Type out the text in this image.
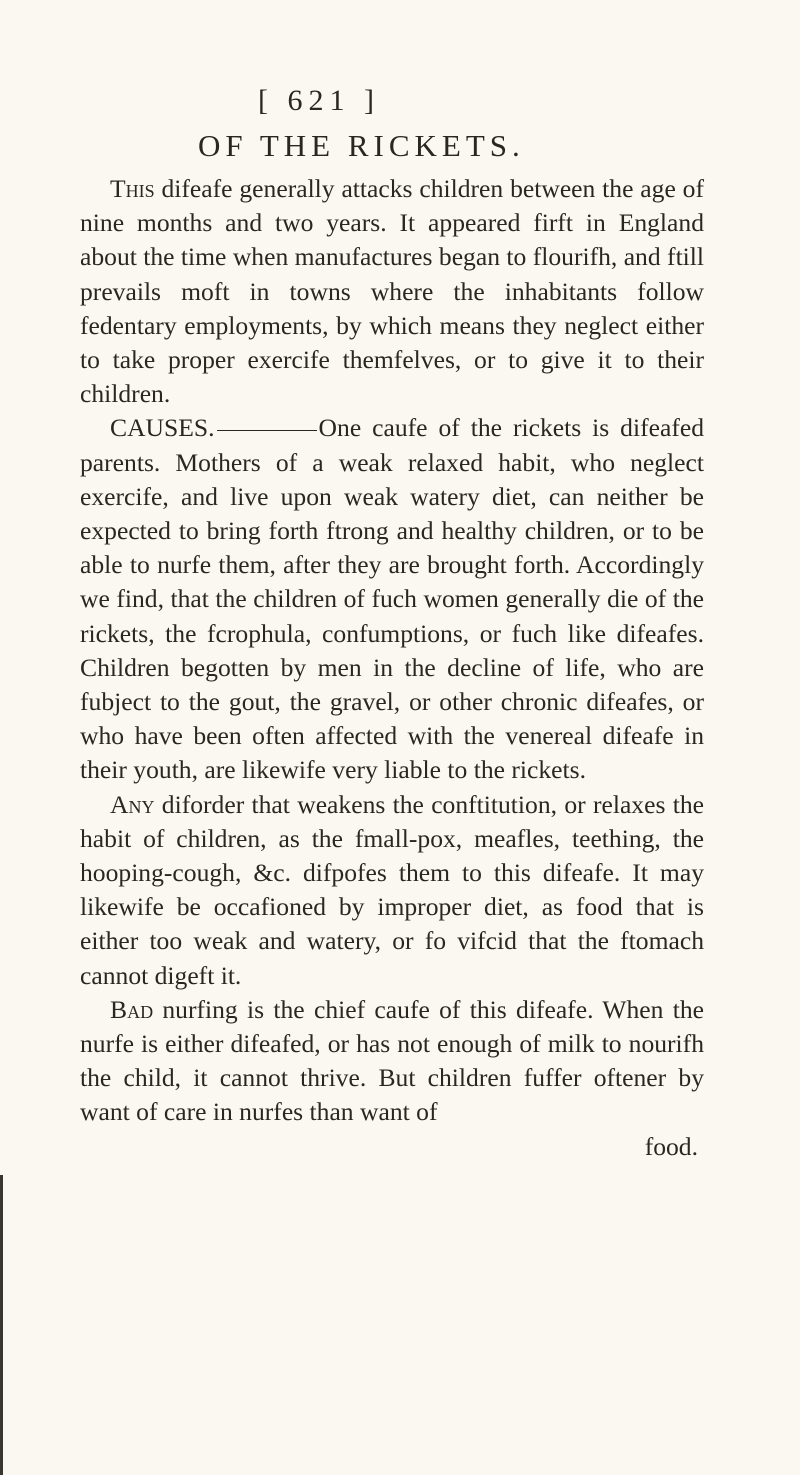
[ 621 ]
OF THE RICKETS.

This difeafe generally attacks children between the age of nine months and two years. It appeared firft in England about the time when manufactures began to flourifh, and ftill prevails moft in towns where the inhabitants follow fedentary employments, by which means they neglect either to take proper exercife themfelves, or to give it to their children.

CAUSES.	One caufe of the rickets is difeafed parents. Mothers of a weak relaxed habit, who neglect exercife, and live upon weak watery diet, can neither be expected to bring forth ftrong and healthy children, or to be able to nurfe them, after they are brought forth. Accordingly we find, that the children of fuch women generally die of the rickets, the fcrophula, confumptions, or fuch like difeafes. Children begotten by men in the decline of life, who are fubject to the gout, the gravel, or other chronic difeafes, or who have been often affected with the venereal difeafe in their youth, are likewife very liable to the rickets.

Any diforder that weakens the conftitution, or relaxes the habit of children, as the fmall-pox, meafles, teething, the hooping-cough, &c. difpofes them to this difeafe. It may likewife be occafioned by improper diet, as food that is either too weak and watery, or fo vifcid that the ftomach cannot digeft it.

Bad nurfing is the chief caufe of this difeafe. When the nurfe is either difeafed, or has not enough of milk to nourifh the child, it cannot thrive. But children fuffer oftener by want of care in nurfes than want of

food.
